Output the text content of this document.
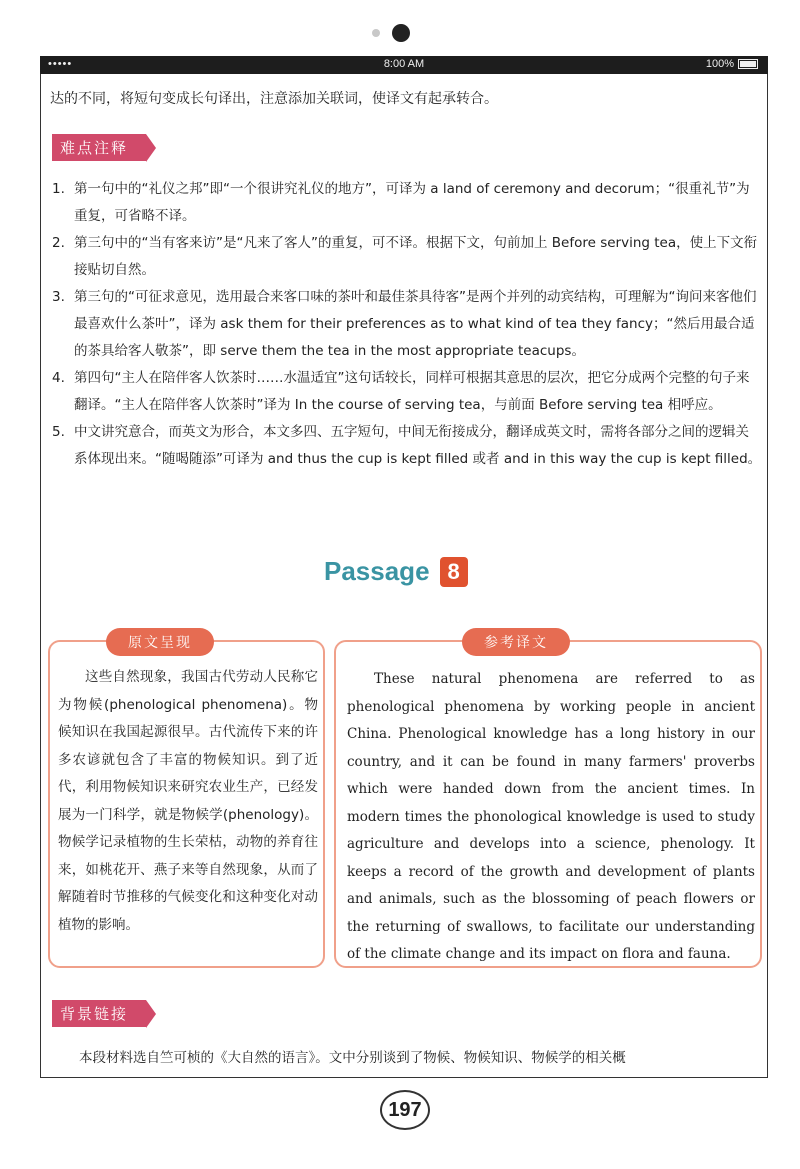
•••••	8:00 AM	100%
达的不同，将短句变成长句译出，注意添加关联词，使译文有起承转合。
难点注释
1. 第一句中的“礼仪之邦”即“一个很讲究礼仪的地方”，可译为 a land of ceremony and decorum；“很重礼节”为重复，可省略不译。
2. 第三句中的“当有客来访”是“凡来了客人”的重复，可不译。根据下文，句前加上 Before serving tea，使上下文衔接贴切自然。
3. 第三句的“可征求意见，选用最合来客口味的茶叶和最佳茶具待客”是两个并列的动宾结构，可理解为“询问来客他们最喜欢什么茶叶”，译为 ask them for their preferences as to what kind of tea they fancy；“然后用最合适的茶具给客人敬茶”，即 serve them the tea in the most appropriate teacups。
4. 第四句“主人在陪伴客人饮茶时……水温适宜”这句话较长，同样可根据其意思的层次，把它分成两个完整的句子来翻译。“主人在陪伴客人饮茶时”译为 In the course of serving tea，与前面 Before serving tea 相呼应。
5. 中文讲究意合，而英文为形合，本文多四、五字短句，中间无衔接成分，翻译成英文时，需将各部分之间的逻辑关系体现出来。“随喝随添”可译为 and thus the cup is kept filled 或者 and in this way the cup is kept filled。
Passage 8
原文呈现
这些自然现象，我国古代劳动人民称它为物候(phenological phenomena)。物候知识在我国起源很早。古代流传下来的许多农谚就包含了丰富的物候知识。到了近代，利用物候知识来研究农业生产，已经发展为一门科学，就是物候学(phenology)。物候学记录植物的生长荣枯，动物的养育往来，如桃花开、燕子来等自然现象，从而了解随着时节推移的气候变化和这种变化对动植物的影响。
参考译文
These natural phenomena are referred to as phenological phenomena by working people in ancient China. Phenological knowledge has a long history in our country, and it can be found in many farmers' proverbs which were handed down from the ancient times. In modern times the phonological knowledge is used to study agriculture and develops into a science, phenology. It keeps a record of the growth and development of plants and animals, such as the blossoming of peach flowers or the returning of swallows, to facilitate our understanding of the climate change and its impact on flora and fauna.
背景链接
本段材料选自竺可桢的《大自然的语言》。文中分别谈到了物候、物候知识、物候学的相关概
197
